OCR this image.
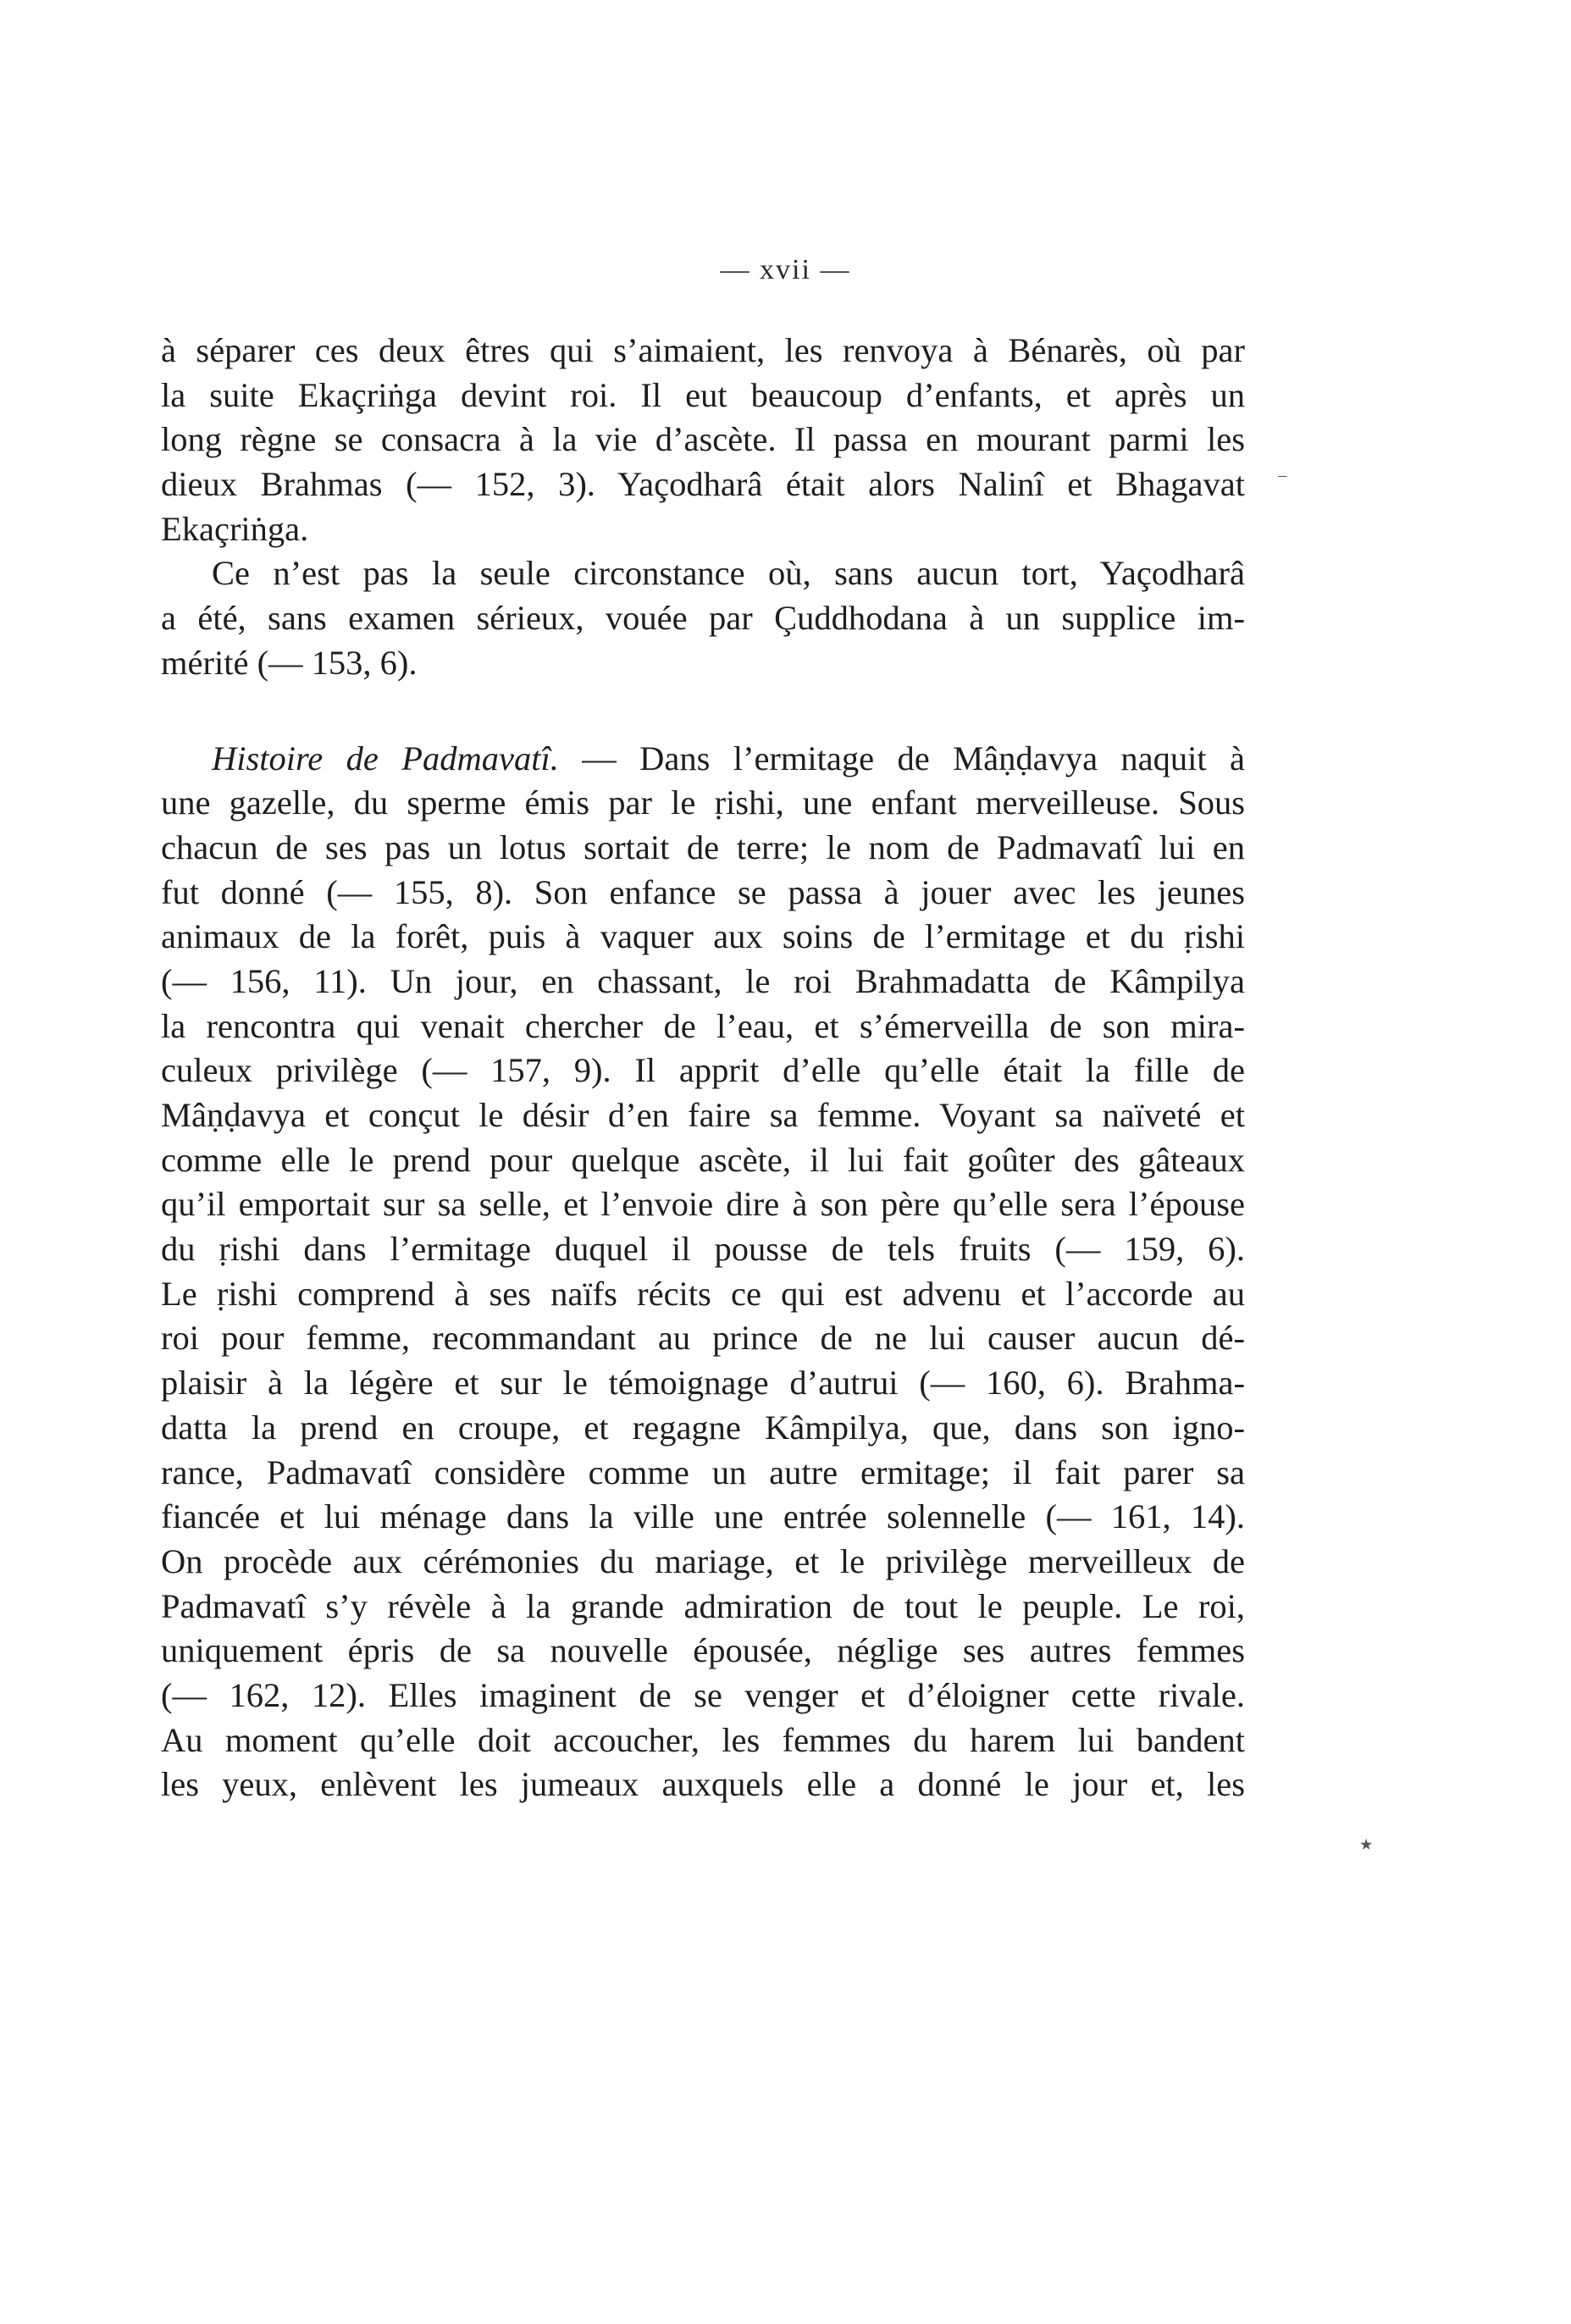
— xvii —
‾
٭
à séparer ces deux êtres qui s’aimaient, les renvoya à Bénarès, où par
la suite Ekaçriṅga devint roi. Il eut beaucoup d’enfants, et après un
long règne se consacra à la vie d’ascète. Il passa en mourant parmi les
dieux Brahmas (— 152, 3). Yaçodharâ était alors Nalinî et Bhagavat
Ekaçriṅga.
Ce n’est pas la seule circonstance où, sans aucun tort, Yaçodharâ
a été, sans examen sérieux, vouée par Çuddhodana à un supplice im-
mérité (— 153, 6).
Histoire de Padmavatî. — Dans l’ermitage de Mâṇḍavya naquit à
une gazelle, du sperme émis par le ṛishi, une enfant merveilleuse. Sous
chacun de ses pas un lotus sortait de terre; le nom de Padmavatî lui en
fut donné (— 155, 8). Son enfance se passa à jouer avec les jeunes
animaux de la forêt, puis à vaquer aux soins de l’ermitage et du ṛishi
(— 156, 11). Un jour, en chassant, le roi Brahmadatta de Kâmpilya
la rencontra qui venait chercher de l’eau, et s’émerveilla de son mira-
culeux privilège (— 157, 9). Il apprit d’elle qu’elle était la fille de
Mâṇḍavya et conçut le désir d’en faire sa femme. Voyant sa naïveté et
comme elle le prend pour quelque ascète, il lui fait goûter des gâteaux
qu’il emportait sur sa selle, et l’envoie dire à son père qu’elle sera l’épouse
du ṛishi dans l’ermitage duquel il pousse de tels fruits (— 159, 6).
Le ṛishi comprend à ses naïfs récits ce qui est advenu et l’accorde au
roi pour femme, recommandant au prince de ne lui causer aucun dé-
plaisir à la légère et sur le témoignage d’autrui (— 160, 6). Brahma-
datta la prend en croupe, et regagne Kâmpilya, que, dans son igno-
rance, Padmavatî considère comme un autre ermitage; il fait parer sa
fiancée et lui ménage dans la ville une entrée solennelle (— 161, 14).
On procède aux cérémonies du mariage, et le privilège merveilleux de
Padmavatî s’y révèle à la grande admiration de tout le peuple. Le roi,
uniquement épris de sa nouvelle épousée, néglige ses autres femmes
(— 162, 12). Elles imaginent de se venger et d’éloigner cette rivale.
Au moment qu’elle doit accoucher, les femmes du harem lui bandent
les yeux, enlèvent les jumeaux auxquels elle a donné le jour et, les
